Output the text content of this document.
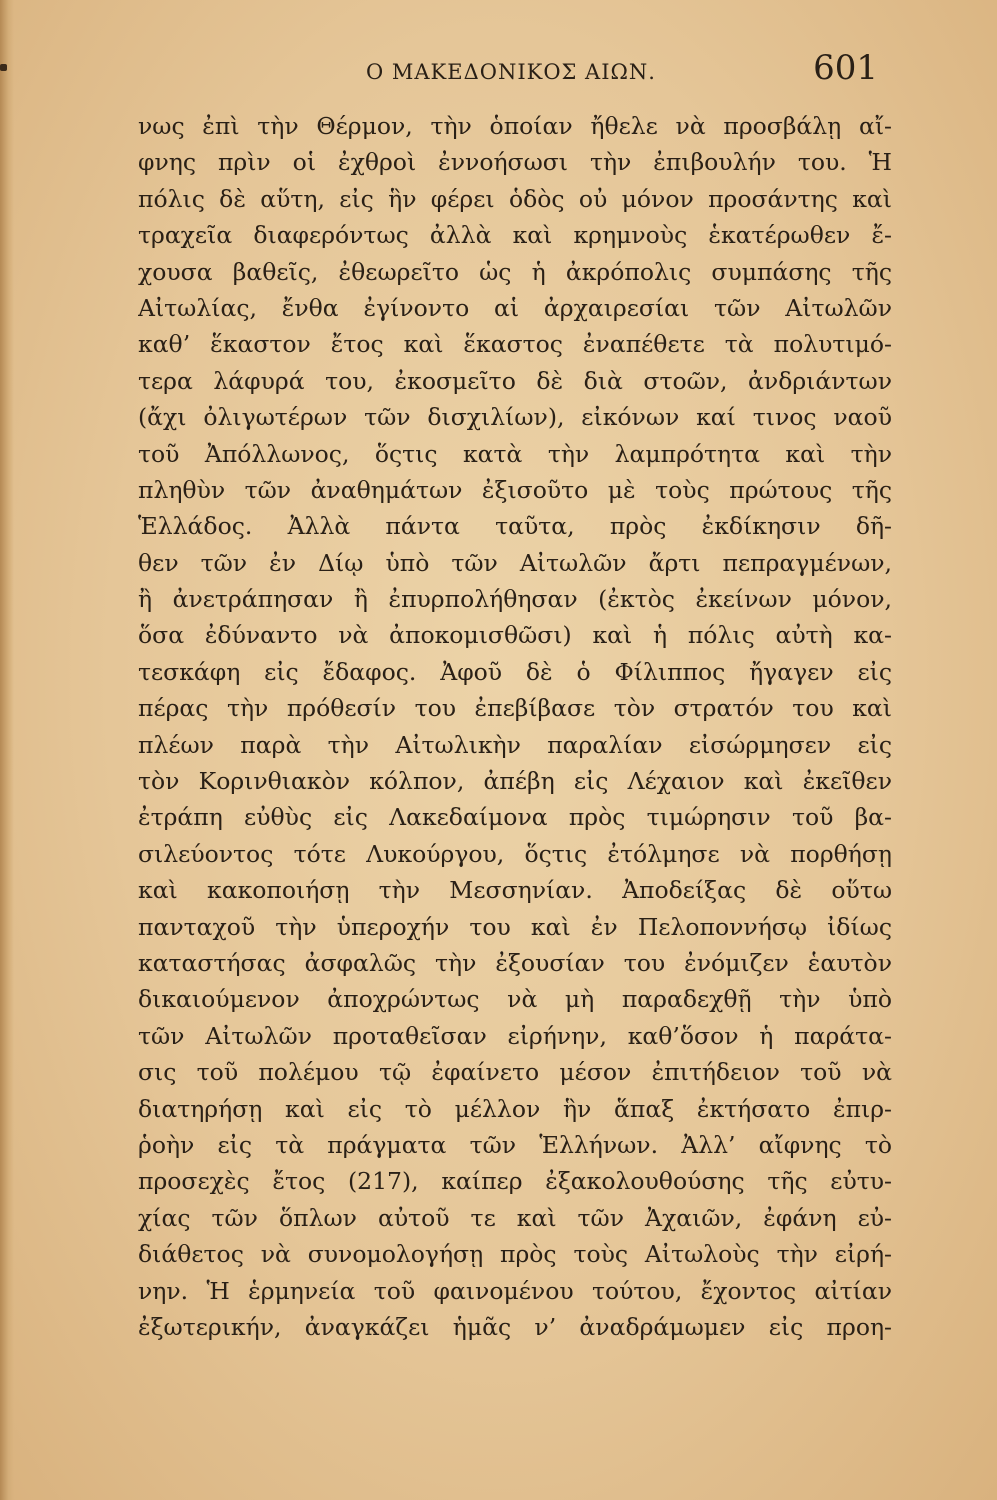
Ο ΜΑΚΕΔΟΝΙΚΟΣ ΑΙΩΝ.	601
νως ἐπὶ τὴν Θέρμον, τὴν ὁποίαν ἤθελε νὰ προσβάλῃ αἴ-
φνης πρὶν οἱ ἐχθροὶ ἐννοήσωσι τὴν ἐπιβουλήν του. Ἡ
πόλις δὲ αὕτη, εἰς ἣν φέρει ὁδὸς οὐ μόνον προσάντης καὶ
τραχεῖα διαφερόντως ἀλλὰ καὶ κρημνοὺς ἑκατέρωθεν ἔ-
χουσα βαθεῖς, ἐθεωρεῖτο ὡς ἡ ἀκρόπολις συμπάσης τῆς
Αἰτωλίας, ἔνθα ἐγίνοντο αἱ ἀρχαιρεσίαι τῶν Αἰτωλῶν
καθ’ ἕκαστον ἔτος καὶ ἕκαστος ἐναπέθετε τὰ πολυτιμό-
τερα λάφυρά του, ἐκοσμεῖτο δὲ διὰ στοῶν, ἀνδριάντων
(ἄχι ὀλιγωτέρων τῶν δισχιλίων), εἰκόνων καί τινος ναοῦ
τοῦ Ἀπόλλωνος, ὅςτις κατὰ τὴν λαμπρότητα καὶ τὴν
πληθὺν τῶν ἀναθημάτων ἐξισοῦτο μὲ τοὺς πρώτους τῆς
Ἑλλάδος. Ἀλλὰ πάντα ταῦτα, πρὸς ἐκδίκησιν δῆ-
θεν τῶν ἐν Δίῳ ὑπὸ τῶν Αἰτωλῶν ἄρτι πεπραγμένων,
ἢ ἀνετράπησαν ἢ ἐπυρπολήθησαν (ἐκτὸς ἐκείνων μόνον,
ὅσα ἐδύναντο νὰ ἀποκομισθῶσι) καὶ ἡ πόλις αὐτὴ κα-
τεσκάφη εἰς ἔδαφος. Ἀφοῦ δὲ ὁ Φίλιππος ἤγαγεν εἰς
πέρας τὴν πρόθεσίν του ἐπεβίβασε τὸν στρατόν του καὶ
πλέων παρὰ τὴν Αἰτωλικὴν παραλίαν εἰσώρμησεν εἰς
τὸν Κορινθιακὸν κόλπον, ἀπέβη εἰς Λέχαιον καὶ ἐκεῖθεν
ἐτράπη εὐθὺς εἰς Λακεδαίμονα πρὸς τιμώρησιν τοῦ βα-
σιλεύοντος τότε Λυκούργου, ὅςτις ἐτόλμησε νὰ πορθήσῃ
καὶ κακοποιήσῃ τὴν Μεσσηνίαν. Ἀποδείξας δὲ οὕτω
πανταχοῦ τὴν ὑπεροχήν του καὶ ἐν Πελοποννήσῳ ἰδίως
καταστήσας ἀσφαλῶς τὴν ἐξουσίαν του ἐνόμιζεν ἑαυτὸν
δικαιούμενον ἀποχρώντως νὰ μὴ παραδεχθῇ τὴν ὑπὸ
τῶν Αἰτωλῶν προταθεῖσαν εἰρήνην, καθ’ὅσον ἡ παράτα-
σις τοῦ πολέμου τῷ ἐφαίνετο μέσον ἐπιτήδειον τοῦ νὰ
διατηρήσῃ καὶ εἰς τὸ μέλλον ἣν ἅπαξ ἐκτήσατο ἐπιρ-
ῥοὴν εἰς τὰ πράγματα τῶν Ἑλλήνων. Ἀλλ’ αἴφνης τὸ
προσεχὲς ἔτος (217), καίπερ ἐξακολουθούσης τῆς εὐτυ-
χίας τῶν ὅπλων αὐτοῦ τε καὶ τῶν Ἀχαιῶν, ἐφάνη εὐ-
διάθετος νὰ συνομολογήσῃ πρὸς τοὺς Αἰτωλοὺς τὴν εἰρή-
νην. Ἡ ἑρμηνεία τοῦ φαινομένου τούτου, ἔχοντος αἰτίαν
ἐξωτερικήν, ἀναγκάζει ἡμᾶς ν’ ἀναδράμωμεν εἰς προη-
